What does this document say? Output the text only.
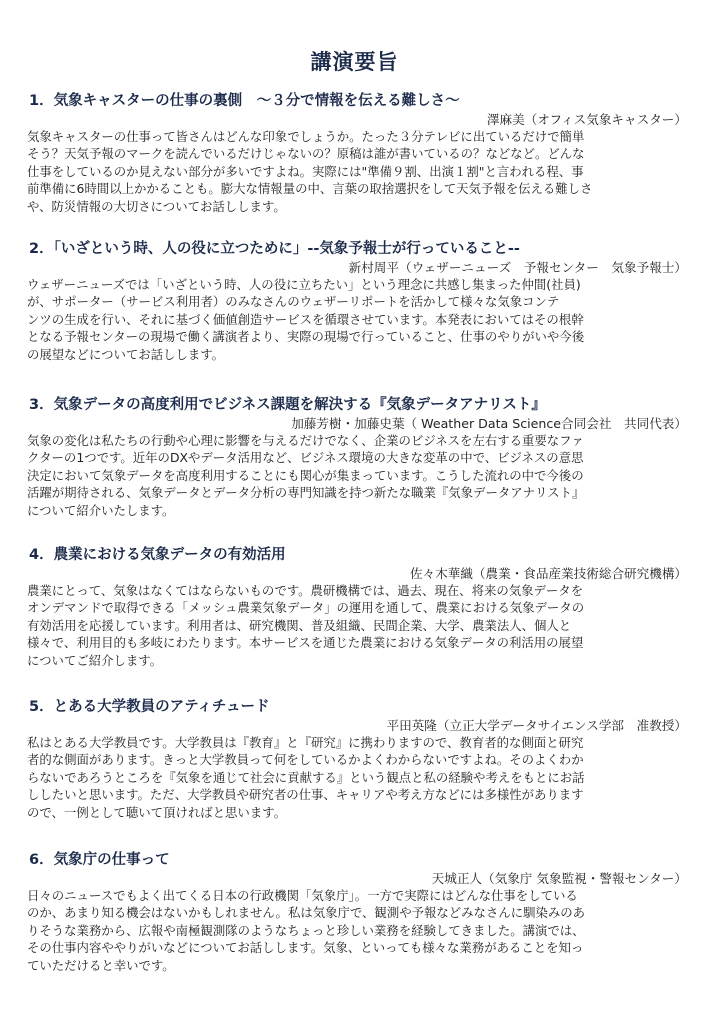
講演要旨
1．気象キャスターの仕事の裏側　～３分で情報を伝える難しさ～
澤麻美（オフィス気象キャスター）
気象キャスターの仕事って皆さんはどんな印象でしょうか。たった３分テレビに出ているだけで簡単
そう？天気予報のマークを読んでいるだけじゃないの？原稿は誰が書いているの？などなど。どんな
仕事をしているのか見えない部分が多いですよね。実際には"準備９割、出演１割"と言われる程、事
前準備に6時間以上かかることも。膨大な情報量の中、言葉の取捨選択をして天気予報を伝える難しさ
や、防災情報の大切さについてお話しします。
2．「いざという時、人の役に立つために」--気象予報士が行っていること--
新村周平（ウェザーニューズ　予報センター　気象予報士）
ウェザーニューズでは「いざという時、人の役に立ちたい」という理念に共感し集まった仲間(社員)
が、サポーター（サービス利用者）のみなさんのウェザーリポートを活かして様々な気象コンテ
ンツの生成を行い、それに基づく価値創造サービスを循環させています。本発表においてはその根幹
となる予報センターの現場で働く講演者より、実際の現場で行っていること、仕事のやりがいや今後
の展望などについてお話しします。
3．気象データの高度利用でビジネス課題を解決する『気象データアナリスト』
加藤芳樹・加藤史葉（ Weather Data Science合同会社　共同代表）
気象の変化は私たちの行動や心理に影響を与えるだけでなく、企業のビジネスを左右する重要なファ
クターの1つです。近年のDXやデータ活用など、ビジネス環境の大きな変革の中で、ビジネスの意思
決定において気象データを高度利用することにも関心が集まっています。こうした流れの中で今後の
活躍が期待される、気象データとデータ分析の専門知識を持つ新たな職業『気象データアナリスト』
について紹介いたします。
4．農業における気象データの有効活用
佐々木華織（農業・食品産業技術総合研究機構）
農業にとって、気象はなくてはならないものです。農研機構では、過去、現在、将来の気象データを
オンデマンドで取得できる「メッシュ農業気象データ」の運用を通して、農業における気象データの
有効活用を応援しています。利用者は、研究機関、普及組織、民間企業、大学、農業法人、個人と
様々で、利用目的も多岐にわたります。本サービスを通じた農業における気象データの利活用の展望
についてご紹介します。
5．とある大学教員のアティチュード
平田英隆（立正大学データサイエンス学部　准教授）
私はとある大学教員です。大学教員は『教育』と『研究』に携わりますので、教育者的な側面と研究
者的な側面があります。きっと大学教員って何をしているかよくわからないですよね。そのよくわか
らないであろうところを『気象を通じて社会に貢献する』という観点と私の経験や考えをもとにお話
ししたいと思います。ただ、大学教員や研究者の仕事、キャリアや考え方などには多様性があります
ので、一例として聴いて頂ければと思います。
6．気象庁の仕事って
天城正人（気象庁 気象監視・警報センター）
日々のニュースでもよく出てくる日本の行政機関「気象庁」。一方で実際にはどんな仕事をしている
のか、あまり知る機会はないかもしれません。私は気象庁で、観測や予報などみなさんに馴染みのあ
りそうな業務から、広報や南極観測隊のようなちょっと珍しい業務を経験してきました。講演では、
その仕事内容ややりがいなどについてお話しします。気象、といっても様々な業務があることを知っ
ていただけると幸いです。
